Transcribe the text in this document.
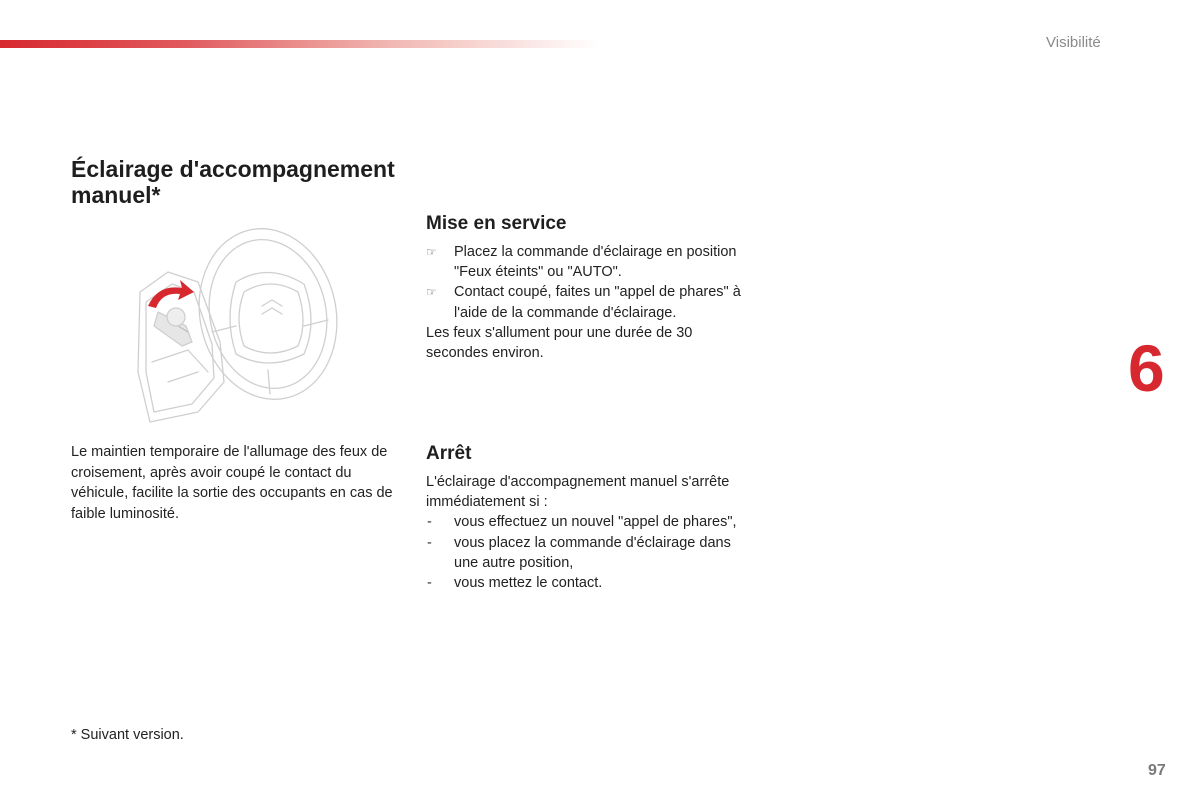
Visibilité
6
Éclairage d'accompagnement manuel*

Le maintien temporaire de l'allumage des feux de croisement, après avoir coupé le contact du véhicule, facilite la sortie des occupants en cas de faible luminosité.

Mise en service
☞ Placez la commande d'éclairage en position "Feux éteints" ou "AUTO".
☞ Contact coupé, faites un "appel de phares" à l'aide de la commande d'éclairage.

Les feux s'allument pour une durée de 30 secondes environ.

Arrêt

L'éclairage d'accompagnement manuel s'arrête immédiatement si :

- vous effectuez un nouvel "appel de phares",
- vous placez la commande d'éclairage dans une autre position,
- vous mettez le contact.

* Suivant version.

97
